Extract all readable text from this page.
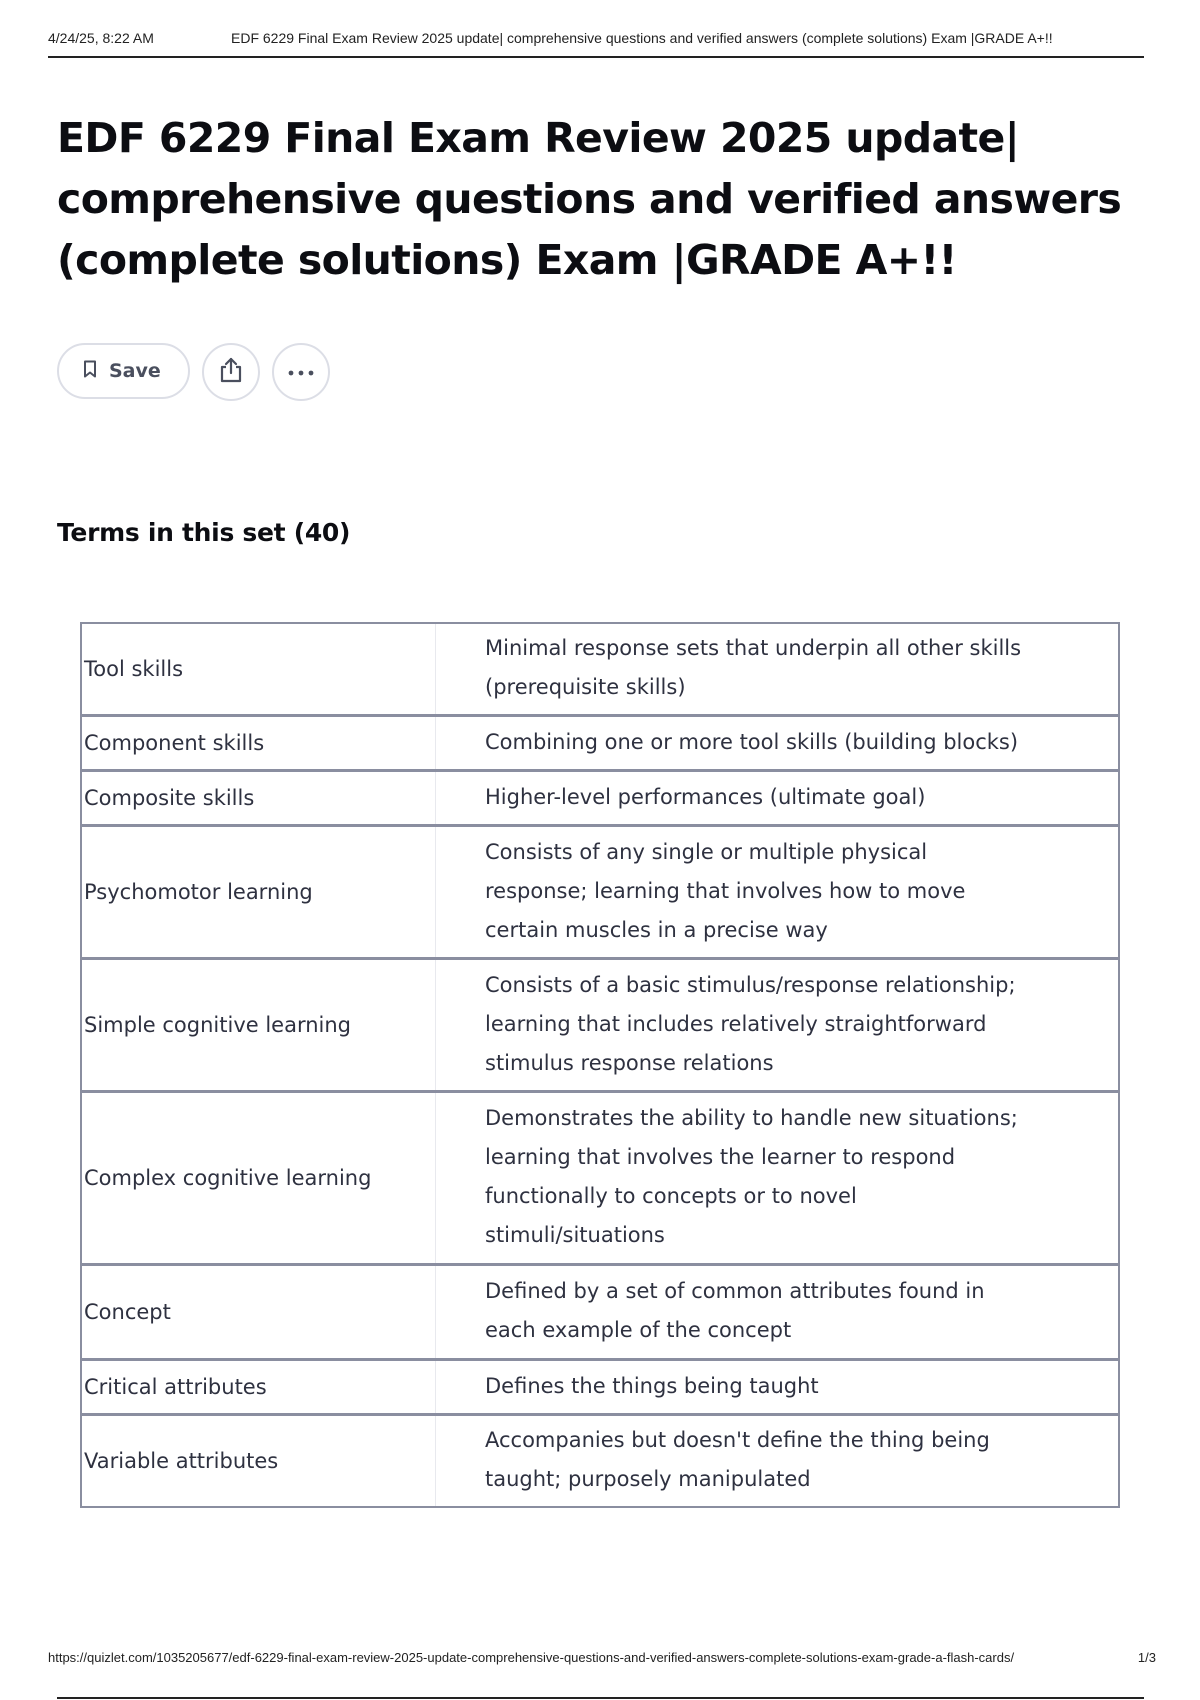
4/24/25, 8:22 AM	EDF 6229 Final Exam Review 2025 update| comprehensive questions and verified answers (complete solutions) Exam |GRADE A+!!
EDF 6229 Final Exam Review 2025 update| comprehensive questions and verified answers (complete solutions) Exam |GRADE A+!!
Save
Terms in this set (40)
Tool skills	Minimal response sets that underpin all other skills (prerequisite skills)
Component skills	Combining one or more tool skills (building blocks)
Composite skills	Higher-level performances (ultimate goal)
Psychomotor learning	Consists of any single or multiple physical response; learning that involves how to move certain muscles in a precise way
Simple cognitive learning	Consists of a basic stimulus/response relationship; learning that includes relatively straightforward stimulus response relations
Complex cognitive learning	Demonstrates the ability to handle new situations; learning that involves the learner to respond functionally to concepts or to novel stimuli/situations
Concept	Defined by a set of common attributes found in each example of the concept
Critical attributes	Defines the things being taught
Variable attributes	Accompanies but doesn't define the thing being taught; purposely manipulated
https://quizlet.com/1035205677/edf-6229-final-exam-review-2025-update-comprehensive-questions-and-verified-answers-complete-solutions-exam-grade-a-flash-cards/	1/3
